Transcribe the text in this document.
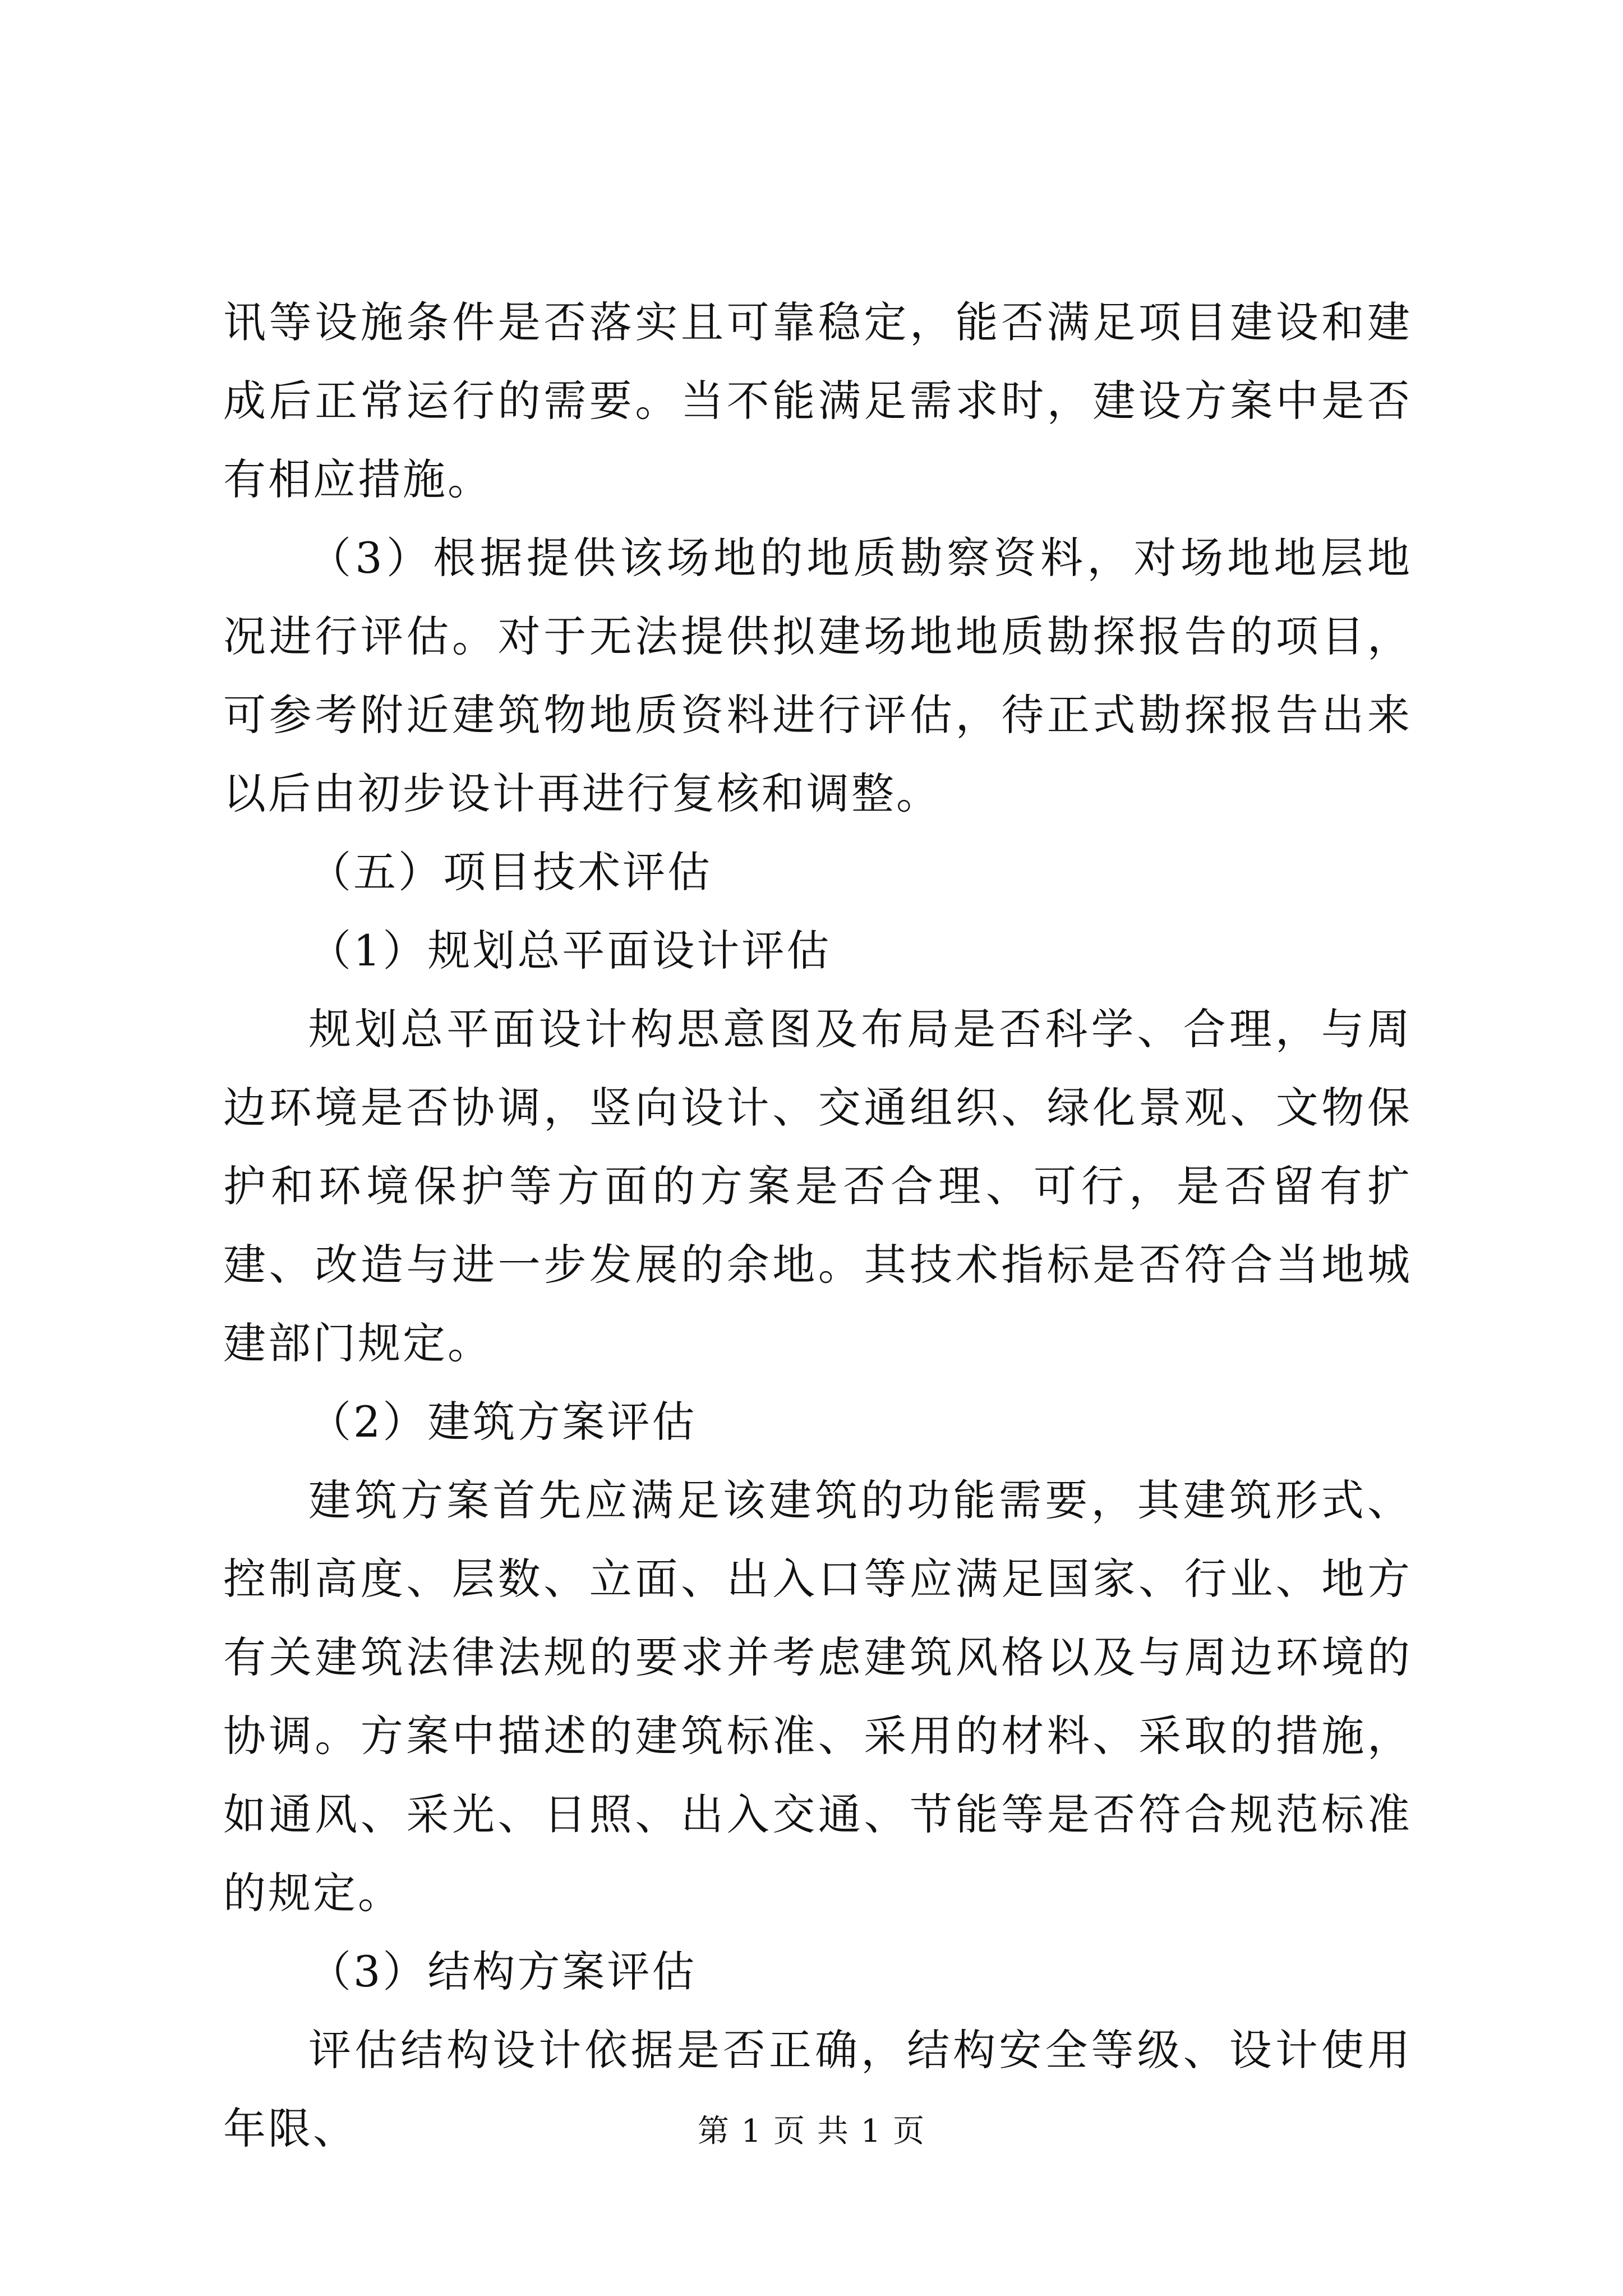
讯等设施条件是否落实且可靠稳定，能否满足项目建设和建成后正常运行的需要。当不能满足需求时，建设方案中是否有相应措施。

（3）根据提供该场地的地质勘察资料，对场地地层地况进行评估。对于无法提供拟建场地地质勘探报告的项目，可参考附近建筑物地质资料进行评估，待正式勘探报告出来以后由初步设计再进行复核和调整。

（五）项目技术评估

（1）规划总平面设计评估

规划总平面设计构思意图及布局是否科学、合理，与周边环境是否协调，竖向设计、交通组织、绿化景观、文物保护和环境保护等方面的方案是否合理、可行，是否留有扩建、改造与进一步发展的余地。其技术指标是否符合当地城建部门规定。

（2）建筑方案评估

建筑方案首先应满足该建筑的功能需要，其建筑形式、控制高度、层数、立面、出入口等应满足国家、行业、地方有关建筑法律法规的要求并考虑建筑风格以及与周边环境的协调。方案中描述的建筑标准、采用的材料、采取的措施，如通风、采光、日照、出入交通、节能等是否符合规范标准的规定。

（3）结构方案评估

评估结构设计依据是否正确，结构安全等级、设计使用年限、	第 1 页 共 1 页
